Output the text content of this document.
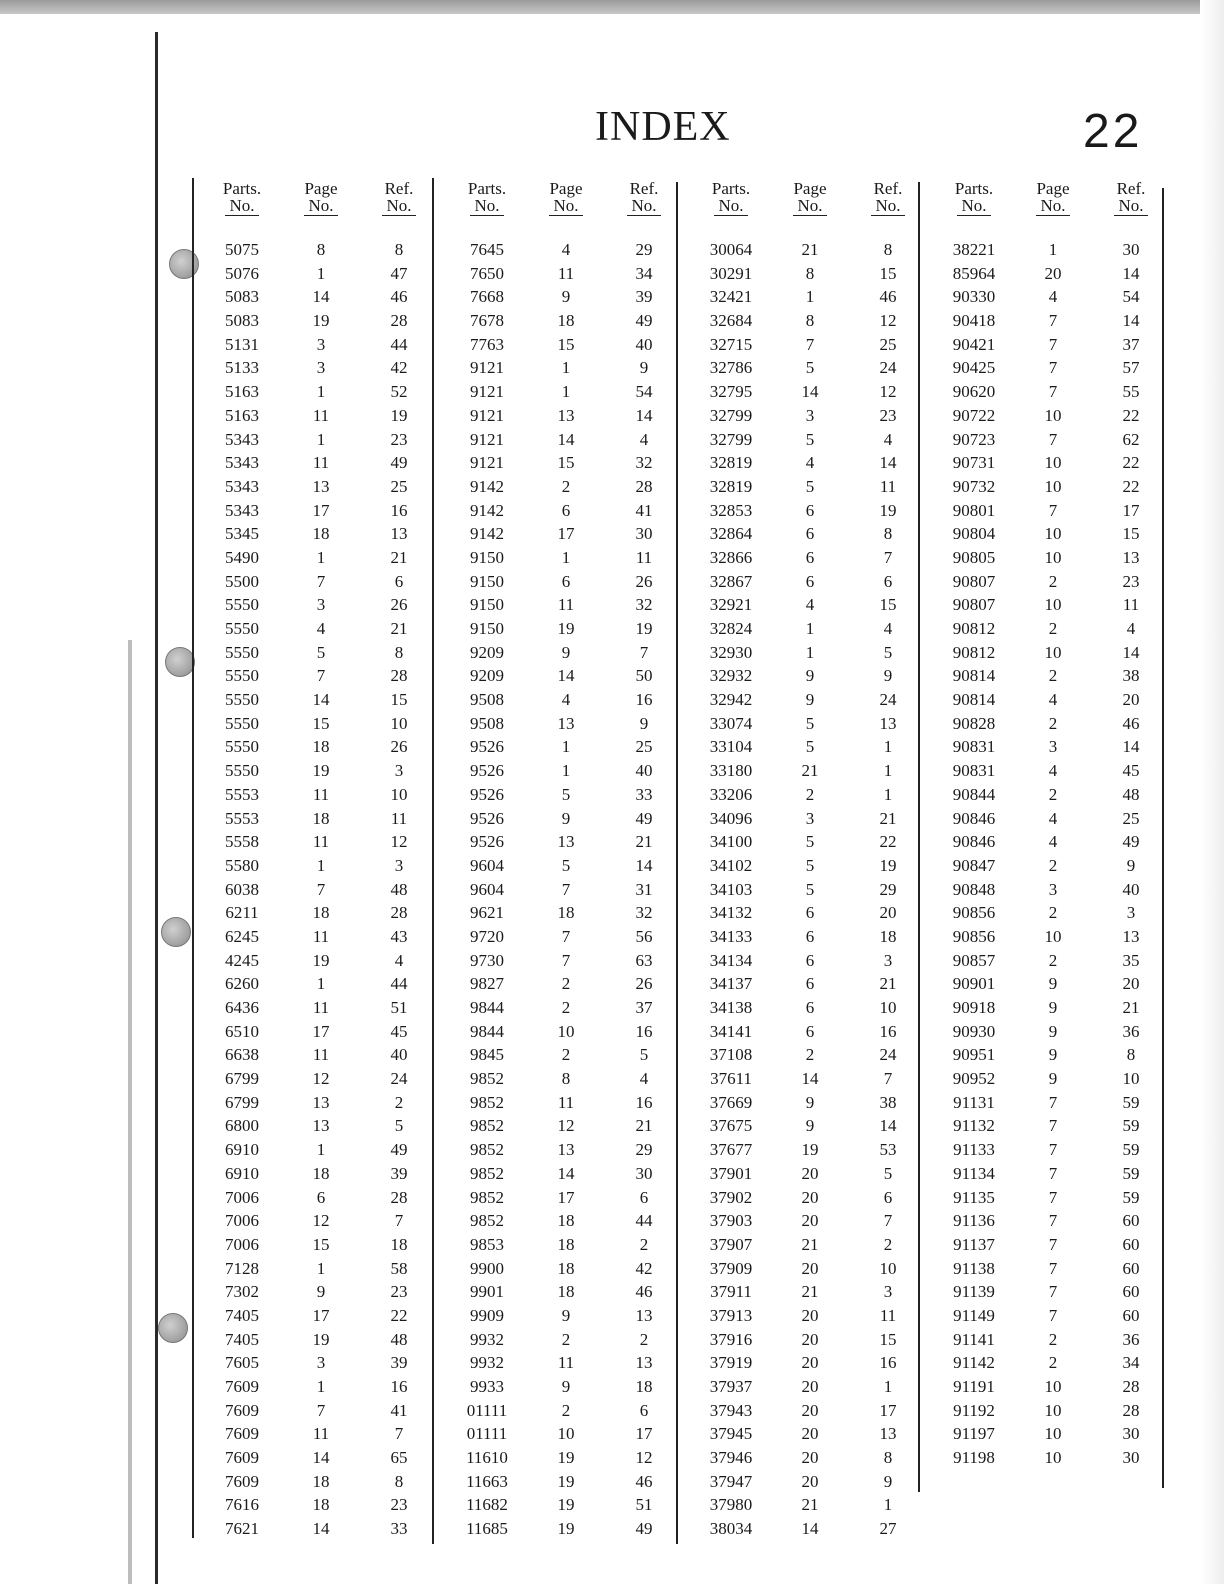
INDEX	22
Parts.
No.
Page
No.
Ref.
No.
Parts.
No.
Page
No.
Ref.
No.
Parts.
No.
Page
No.
Ref.
No.
Parts.
No.
Page
No.
Ref.
No.
5075
5076
5083
5083
5131
5133
5163
5163
5343
5343
5343
5343
5345
5490
5500
5550
5550
5550
5550
5550
5550
5550
5550
5553
5553
5558
5580
6038
6211
6245
4245
6260
6436
6510
6638
6799
6799
6800
6910
6910
7006
7006
7006
7128
7302
7405
7405
7605
7609
7609
7609
7609
7609
7616
7621
8
1
14
19
3
3
1
11
1
11
13
17
18
1
7
3
4
5
7
14
15
18
19
11
18
11
1
7
18
11
19
1
11
17
11
12
13
13
1
18
6
12
15
1
9
17
19
3
1
7
11
14
18
18
14
8
47
46
28
44
42
52
19
23
49
25
16
13
21
6
26
21
8
28
15
10
26
3
10
11
12
3
48
28
43
4
44
51
45
40
24
2
5
49
39
28
7
18
58
23
22
48
39
16
41
7
65
8
23
33
7645
7650
7668
7678
7763
9121
9121
9121
9121
9121
9142
9142
9142
9150
9150
9150
9150
9209
9209
9508
9508
9526
9526
9526
9526
9526
9604
9604
9621
9720
9730
9827
9844
9844
9845
9852
9852
9852
9852
9852
9852
9852
9853
9900
9901
9909
9932
9932
9933
01111
01111
11610
11663
11682
11685
4
11
9
18
15
1
1
13
14
15
2
6
17
1
6
11
19
9
14
4
13
1
1
5
9
13
5
7
18
7
7
2
2
10
2
8
11
12
13
14
17
18
18
18
18
9
2
11
9
2
10
19
19
19
19
29
34
39
49
40
9
54
14
4
32
28
41
30
11
26
32
19
7
50
16
9
25
40
33
49
21
14
31
32
56
63
26
37
16
5
4
16
21
29
30
6
44
2
42
46
13
2
13
18
6
17
12
46
51
49
30064
30291
32421
32684
32715
32786
32795
32799
32799
32819
32819
32853
32864
32866
32867
32921
32824
32930
32932
32942
33074
33104
33180
33206
34096
34100
34102
34103
34132
34133
34134
34137
34138
34141
37108
37611
37669
37675
37677
37901
37902
37903
37907
37909
37911
37913
37916
37919
37937
37943
37945
37946
37947
37980
38034
21
8
1
8
7
5
14
3
5
4
5
6
6
6
6
4
1
1
9
9
5
5
21
2
3
5
5
5
6
6
6
6
6
6
2
14
9
9
19
20
20
20
21
20
21
20
20
20
20
20
20
20
20
21
14
8
15
46
12
25
24
12
23
4
14
11
19
8
7
6
15
4
5
9
24
13
1
1
1
21
22
19
29
20
18
3
21
10
16
24
7
38
14
53
5
6
7
2
10
3
11
15
16
1
17
13
8
9
1
27
38221
85964
90330
90418
90421
90425
90620
90722
90723
90731
90732
90801
90804
90805
90807
90807
90812
90812
90814
90814
90828
90831
90831
90844
90846
90846
90847
90848
90856
90856
90857
90901
90918
90930
90951
90952
91131
91132
91133
91134
91135
91136
91137
91138
91139
91149
91141
91142
91191
91192
91197
91198
1
20
4
7
7
7
7
10
7
10
10
7
10
10
2
10
2
10
2
4
2
3
4
2
4
4
2
3
2
10
2
9
9
9
9
9
7
7
7
7
7
7
7
7
7
7
2
2
10
10
10
10
30
14
54
14
37
57
55
22
62
22
22
17
15
13
23
11
4
14
38
20
46
14
45
48
25
49
9
40
3
13
35
20
21
36
8
10
59
59
59
59
59
60
60
60
60
60
36
34
28
28
30
30
